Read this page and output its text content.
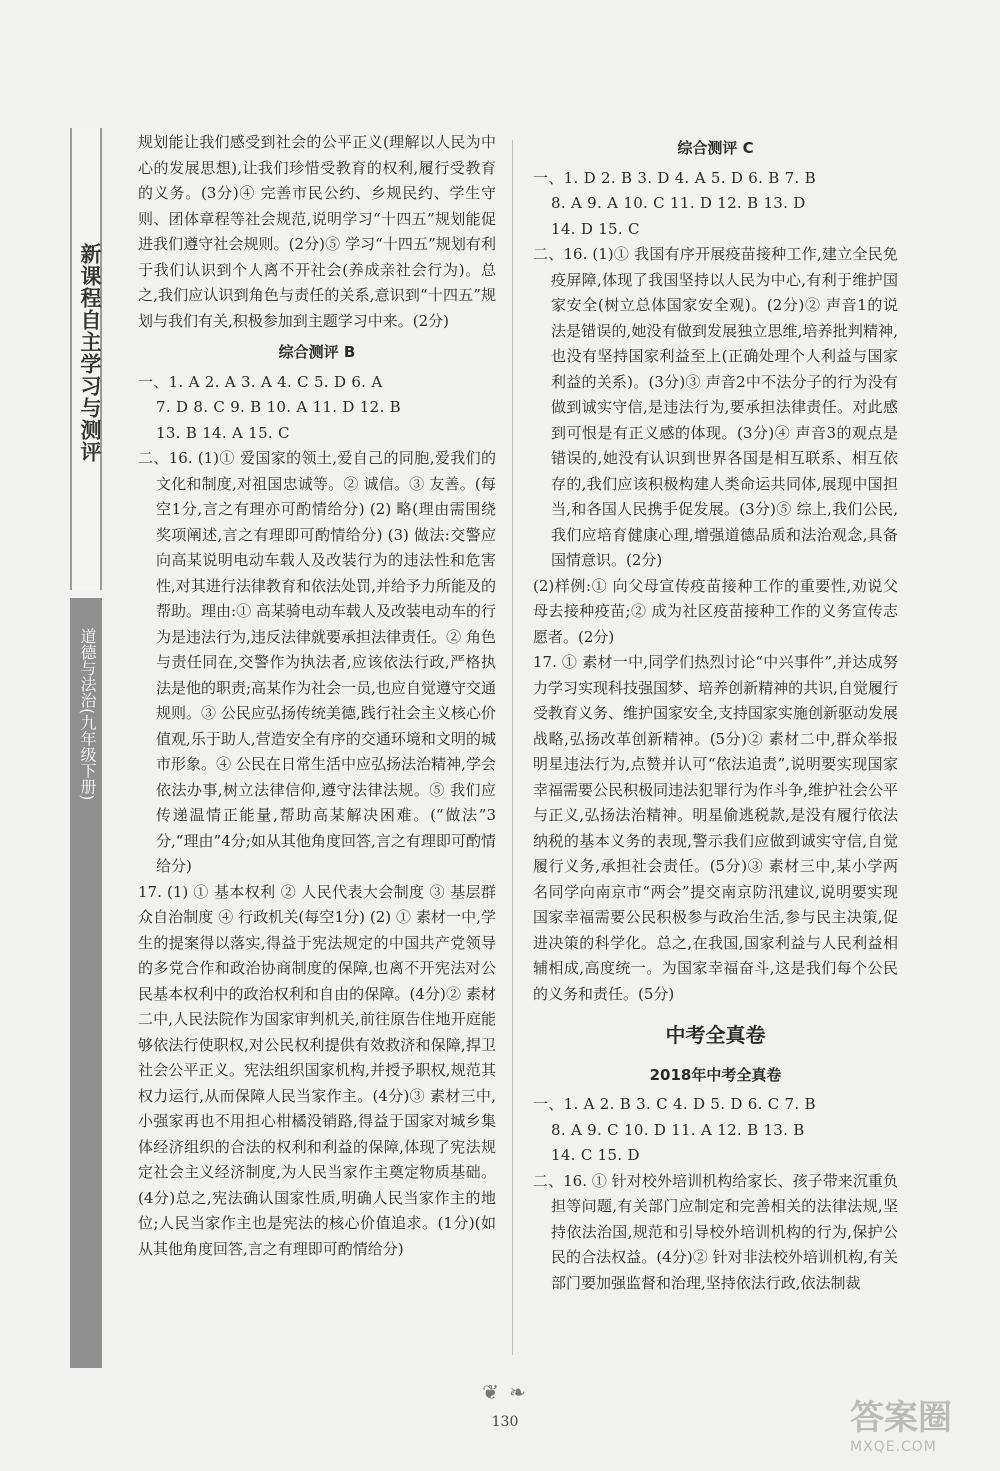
新课程自主学习与测评
道德与法治(九年级下册)

规划能让我们感受到社会的公平正义(理解以人民为中心的发展思想),让我们珍惜受教育的权利,履行受教育的义务。(3分)④ 完善市民公约、乡规民约、学生守则、团体章程等社会规范,说明学习“十四五”规划能促进我们遵守社会规则。(2分)⑤ 学习“十四五”规划有利于我们认识到个人离不开社会(养成亲社会行为)。总之,我们应认识到角色与责任的关系,意识到“十四五”规划与我们有关,积极参加到主题学习中来。(2分)

综合测评 B

一、1. A 2. A 3. A 4. C 5. D 6. A

7. D 8. C 9. B 10. A 11. D 12. B

13. B 14. A 15. C

二、16. (1)① 爱国家的领土,爱自己的同胞,爱我们的文化和制度,对祖国忠诚等。② 诚信。③ 友善。(每空1分,言之有理亦可酌情给分) (2) 略(理由需围绕奖项阐述,言之有理即可酌情给分) (3) 做法:交警应向高某说明电动车载人及改装行为的违法性和危害性,对其进行法律教育和依法处罚,并给予力所能及的帮助。理由:① 高某骑电动车载人及改装电动车的行为是违法行为,违反法律就要承担法律责任。② 角色与责任同在,交警作为执法者,应该依法行政,严格执法是他的职责;高某作为社会一员,也应自觉遵守交通规则。③ 公民应弘扬传统美德,践行社会主义核心价值观,乐于助人,营造安全有序的交通环境和文明的城市形象。④ 公民在日常生活中应弘扬法治精神,学会依法办事,树立法律信仰,遵守法律法规。⑤ 我们应传递温情正能量,帮助高某解决困难。(“做法”3分,“理由”4分;如从其他角度回答,言之有理即可酌情给分)

17. (1) ① 基本权利 ② 人民代表大会制度 ③ 基层群众自治制度 ④ 行政机关(每空1分) (2) ① 素材一中,学生的提案得以落实,得益于宪法规定的中国共产党领导的多党合作和政治协商制度的保障,也离不开宪法对公民基本权利中的政治权利和自由的保障。(4分)② 素材二中,人民法院作为国家审判机关,前往原告住地开庭能够依法行使职权,对公民权利提供有效救济和保障,捍卫社会公平正义。宪法组织国家机构,并授予职权,规范其权力运行,从而保障人民当家作主。(4分)③ 素材三中,小强家再也不用担心柑橘没销路,得益于国家对城乡集体经济组织的合法的权利和利益的保障,体现了宪法规定社会主义经济制度,为人民当家作主奠定物质基础。(4分)总之,宪法确认国家性质,明确人民当家作主的地位;人民当家作主也是宪法的核心价值追求。(1分)(如从其他角度回答,言之有理即可酌情给分)

综合测评 C

一、1. D 2. B 3. D 4. A 5. D 6. B 7. B

8. A 9. A 10. C 11. D 12. B 13. D

14. D 15. C

二、16. (1)① 我国有序开展疫苗接种工作,建立全民免疫屏障,体现了我国坚持以人民为中心,有利于维护国家安全(树立总体国家安全观)。(2分)② 声音1的说法是错误的,她没有做到发展独立思维,培养批判精神,也没有坚持国家利益至上(正确处理个人利益与国家利益的关系)。(3分)③ 声音2中不法分子的行为没有做到诚实守信,是违法行为,要承担法律责任。对此感到可恨是有正义感的体现。(3分)④ 声音3的观点是错误的,她没有认识到世界各国是相互联系、相互依存的,我们应该积极构建人类命运共同体,展现中国担当,和各国人民携手促发展。(3分)⑤ 综上,我们公民,我们应培育健康心理,增强道德品质和法治观念,具备国情意识。(2分)

(2)样例:① 向父母宣传疫苗接种工作的重要性,劝说父母去接种疫苗;② 成为社区疫苗接种工作的义务宣传志愿者。(2分)

17. ① 素材一中,同学们热烈讨论“中兴事件”,并达成努力学习实现科技强国梦、培养创新精神的共识,自觉履行受教育义务、维护国家安全,支持国家实施创新驱动发展战略,弘扬改革创新精神。(5分)② 素材二中,群众举报明星违法行为,点赞并认可“依法追责”,说明要实现国家幸福需要公民积极同违法犯罪行为作斗争,维护社会公平与正义,弘扬法治精神。明星偷逃税款,是没有履行依法纳税的基本义务的表现,警示我们应做到诚实守信,自觉履行义务,承担社会责任。(5分)③ 素材三中,某小学两名同学向南京市“两会”提交南京防汛建议,说明要实现国家幸福需要公民积极参与政治生活,参与民主决策,促进决策的科学化。总之,在我国,国家利益与人民利益相辅相成,高度统一。为国家幸福奋斗,这是我们每个公民的义务和责任。(5分)

中考全真卷
2018年中考全真卷

一、1. A 2. B 3. C 4. D 5. D 6. C 7. B

8. A 9. C 10. D 11. A 12. B 13. B

14. C 15. D

二、16. ① 针对校外培训机构给家长、孩子带来沉重负担等问题,有关部门应制定和完善相关的法律法规,坚持依法治国,规范和引导校外培训机构的行为,保护公民的合法权益。(4分)② 针对非法校外培训机构,有关部门要加强监督和治理,坚持依法行政,依法制裁

❦ ❧
130	答案圈
MXQE.COM
